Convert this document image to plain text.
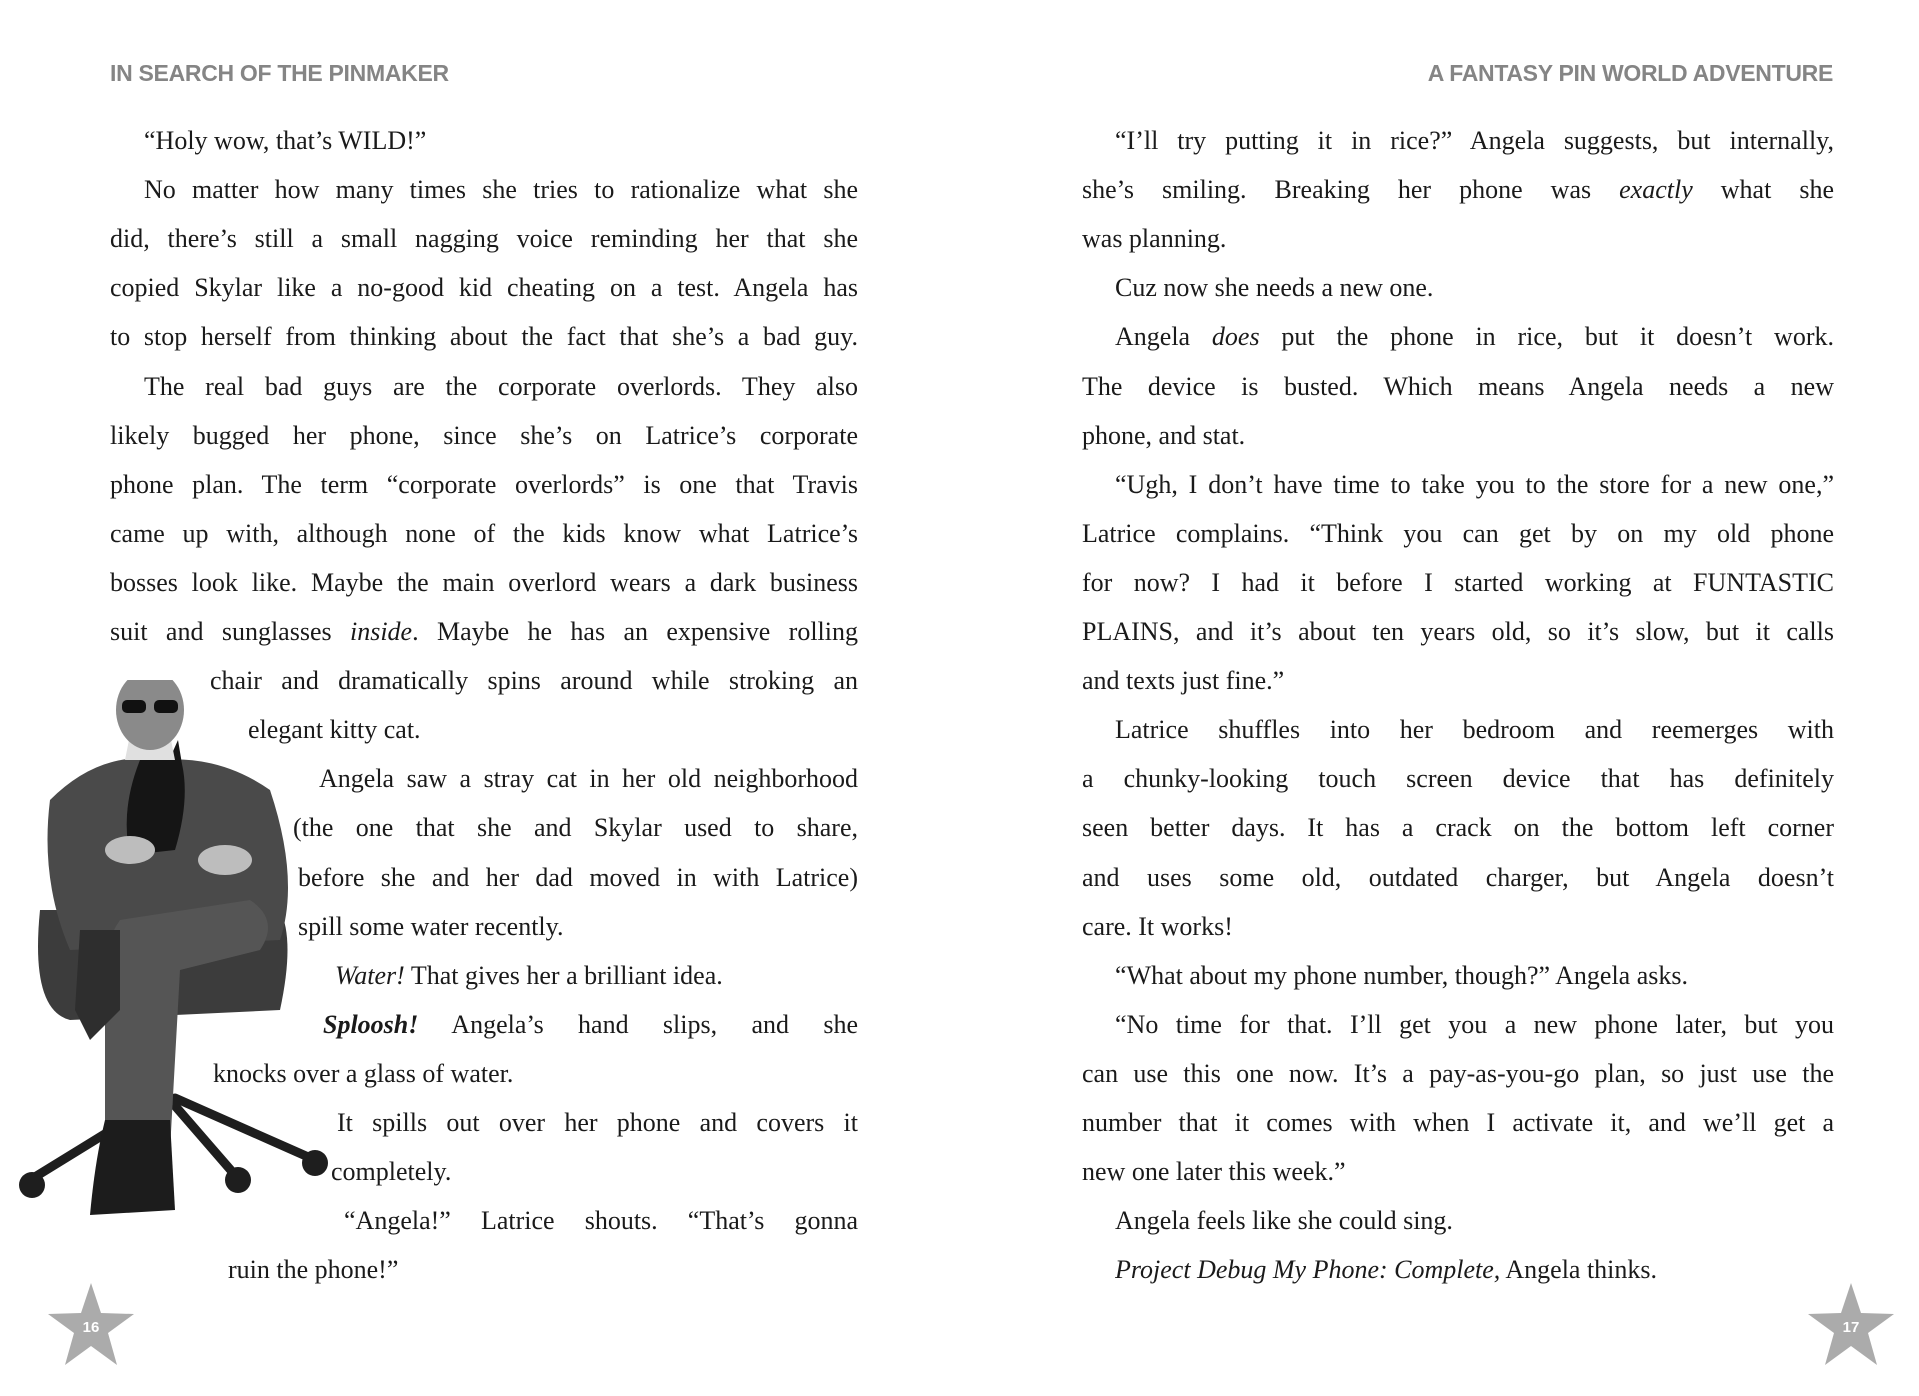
IN SEARCH OF THE PINMAKER	A FANTASY PIN WORLD ADVENTURE
“Holy wow, that’s WILD!”
No matter how many times she tries to rationalize what she
did, there’s still a small nagging voice reminding her that she
copied Skylar like a no-good kid cheating on a test. Angela has
to stop herself from thinking about the fact that she’s a bad guy.
The real bad guys are the corporate overlords. They also
likely bugged her phone, since she’s on Latrice’s corporate
phone plan. The term “corporate overlords” is one that Travis
came up with, although none of the kids know what Latrice’s
bosses look like. Maybe the main overlord wears a dark business
suit and sunglasses inside. Maybe he has an expensive rolling
chair and dramatically spins around while stroking an
elegant kitty cat.
Angela saw a stray cat in her old neighborhood
(the one that she and Skylar used to share,
before she and her dad moved in with Latrice)
spill some water recently.
Water! That gives her a brilliant idea.
Sploosh! Angela’s hand slips, and she
knocks over a glass of water.
It spills out over her phone and covers it
completely.
“Angela!” Latrice shouts. “That’s gonna
ruin the phone!”
“I’ll try putting it in rice?” Angela suggests, but internally,
she’s smiling. Breaking her phone was exactly what she
was planning.
Cuz now she needs a new one.
Angela does put the phone in rice, but it doesn’t work.
The device is busted. Which means Angela needs a new
phone, and stat.
“Ugh, I don’t have time to take you to the store for a new one,”
Latrice complains. “Think you can get by on my old phone
for now? I had it before I started working at FUNTASTIC
PLAINS, and it’s about ten years old, so it’s slow, but it calls
and texts just fine.”
Latrice shuffles into her bedroom and reemerges with
a chunky-looking touch screen device that has definitely
seen better days. It has a crack on the bottom left corner
and uses some old, outdated charger, but Angela doesn’t
care. It works!
“What about my phone number, though?” Angela asks.
“No time for that. I’ll get you a new phone later, but you
can use this one now. It’s a pay-as-you-go plan, so just use the
number that it comes with when I activate it, and we’ll get a
new one later this week.”
Angela feels like she could sing.
Project Debug My Phone: Complete, Angela thinks.
16	17
